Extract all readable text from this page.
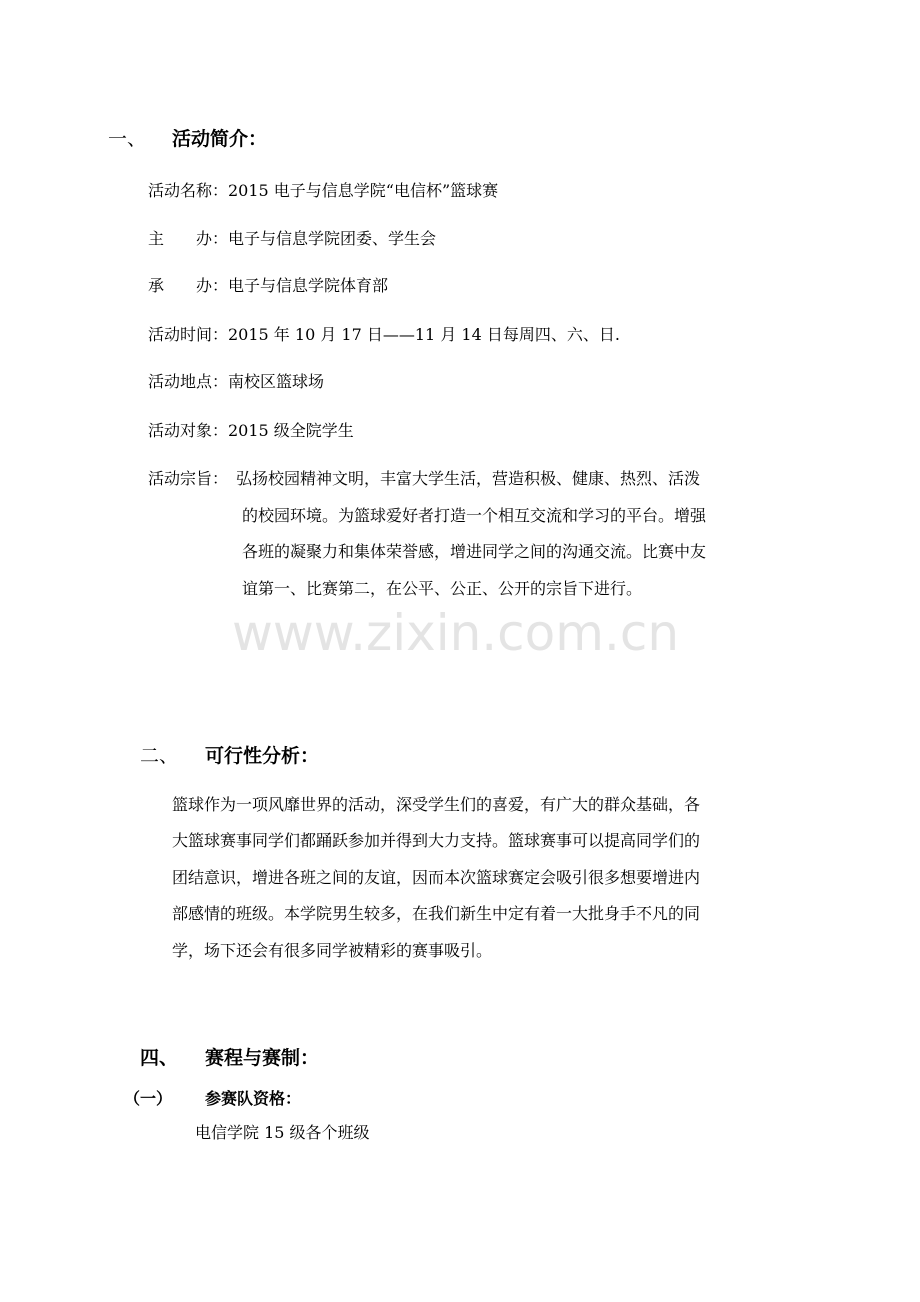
一、 活动简介：
活动名称：2015 电子与信息学院“电信杯”篮球赛
主　　办：电子与信息学院团委、学生会
承　　办：电子与信息学院体育部
活动时间：2015 年 10 月 17 日——11 月 14 日每周四、六、日.
活动地点：南校区篮球场
活动对象：2015 级全院学生
活动宗旨： 弘扬校园精神文明，丰富大学生活，营造积极、健康、热烈、活泼
的校园环境。为篮球爱好者打造一个相互交流和学习的平台。增强
各班的凝聚力和集体荣誉感，增进同学之间的沟通交流。比赛中友
谊第一、比赛第二，在公平、公正、公开的宗旨下进行。
www.zixin.com.cn
二、 可行性分析：
篮球作为一项风靡世界的活动，深受学生们的喜爱，有广大的群众基础，各
大篮球赛事同学们都踊跃参加并得到大力支持。篮球赛事可以提高同学们的
团结意识，增进各班之间的友谊，因而本次篮球赛定会吸引很多想要增进内
部感情的班级。本学院男生较多，在我们新生中定有着一大批身手不凡的同
学，场下还会有很多同学被精彩的赛事吸引。
四、 赛程与赛制：
（一） 参赛队资格：
电信学院 15 级各个班级
